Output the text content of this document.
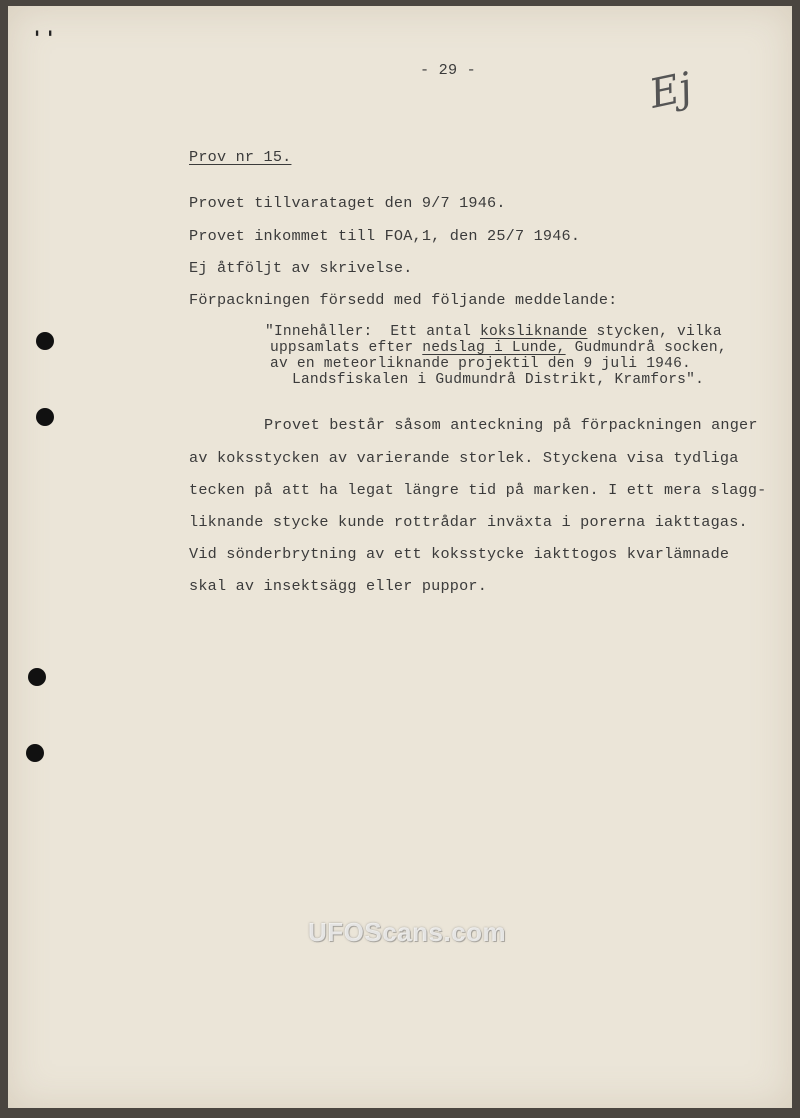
' '
Ej
- 29 -
Prov nr 15.
Provet tillvarataget den 9/7 1946.
Provet inkommet till FOA,1, den 25/7 1946.
Ej åtföljt av skrivelse.
Förpackningen försedd med följande meddelande:
"Innehåller:  Ett antal koksliknande stycken, vilka
uppsamlats efter nedslag i Lunde, Gudmundrå socken,
av en meteorliknande projektil den 9 juli 1946.
Landsfiskalen i Gudmundrå Distrikt, Kramfors".
Provet består såsom anteckning på förpackningen anger
av koksstycken av varierande storlek. Styckena visa tydliga
tecken på att ha legat längre tid på marken. I ett mera slagg-
liknande stycke kunde rottrådar inväxta i porerna iakttagas.
Vid sönderbrytning av ett koksstycke iakttogos kvarlämnade
skal av insektsägg eller puppor.
UFOScans.com
